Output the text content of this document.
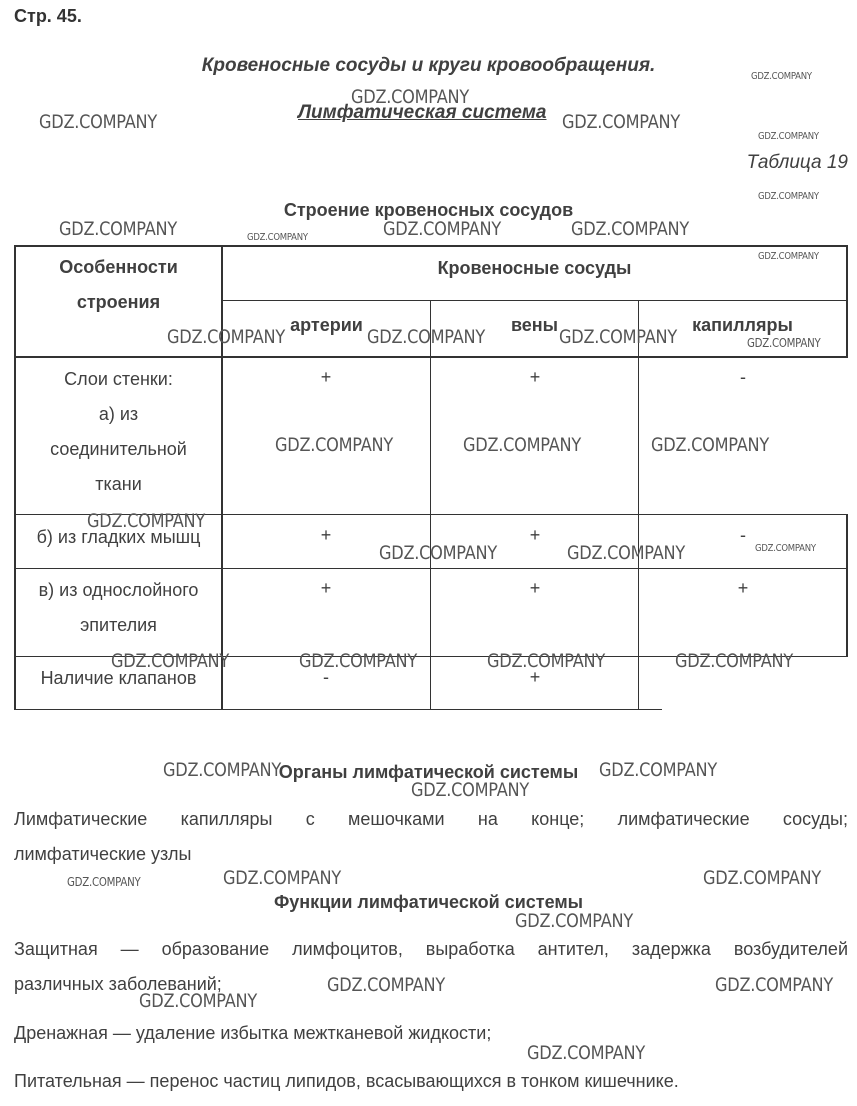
Стр. 45.
Кровеносные сосуды и круги кровообращения.
Лимфатическая система
Таблица 19
Строение кровеносных сосудов
Особенности
строения
Кровеносные сосуды
артерии	вены	капилляры
Слои стенки:
а) из
соединительной
ткани
+	+	-
б) из гладких мышц	+	+	-
в) из однослойного
эпителия
+	+	+
Наличие клапанов	-	+
Органы лимфатической системы
Лимфатические капилляры с мешочками на конце; лимфатические сосуды;
лимфатические узлы
Функции лимфатической системы
Защитная — образование лимфоцитов, выработка антител, задержка возбудителей
различных заболеваний;
Дренажная — удаление избытка межтканевой жидкости;
Питательная — перенос частиц липидов, всасывающихся в тонком кишечнике.
GDZ.COMPANY
GDZ.COMPANY	GDZ.COMPANY
GDZ.COMPANY
GDZ.COMPANY
GDZ.COMPANY
GDZ.COMPANY	GDZ.COMPANY	GDZ.COMPANY	GDZ.COMPANY
GDZ.COMPANY
GDZ.COMPANY	GDZ.COMPANY	GDZ.COMPANY	GDZ.COMPANY
GDZ.COMPANY	GDZ.COMPANY	GDZ.COMPANY
GDZ.COMPANY
GDZ.COMPANY	GDZ.COMPANY	GDZ.COMPANY
GDZ.COMPANY	GDZ.COMPANY	GDZ.COMPANY	GDZ.COMPANY
GDZ.COMPANY	GDZ.COMPANY
GDZ.COMPANY
GDZ.COMPANY	GDZ.COMPANY	GDZ.COMPANY
GDZ.COMPANY
GDZ.COMPANY
GDZ.COMPANY	GDZ.COMPANY
GDZ.COMPANY
